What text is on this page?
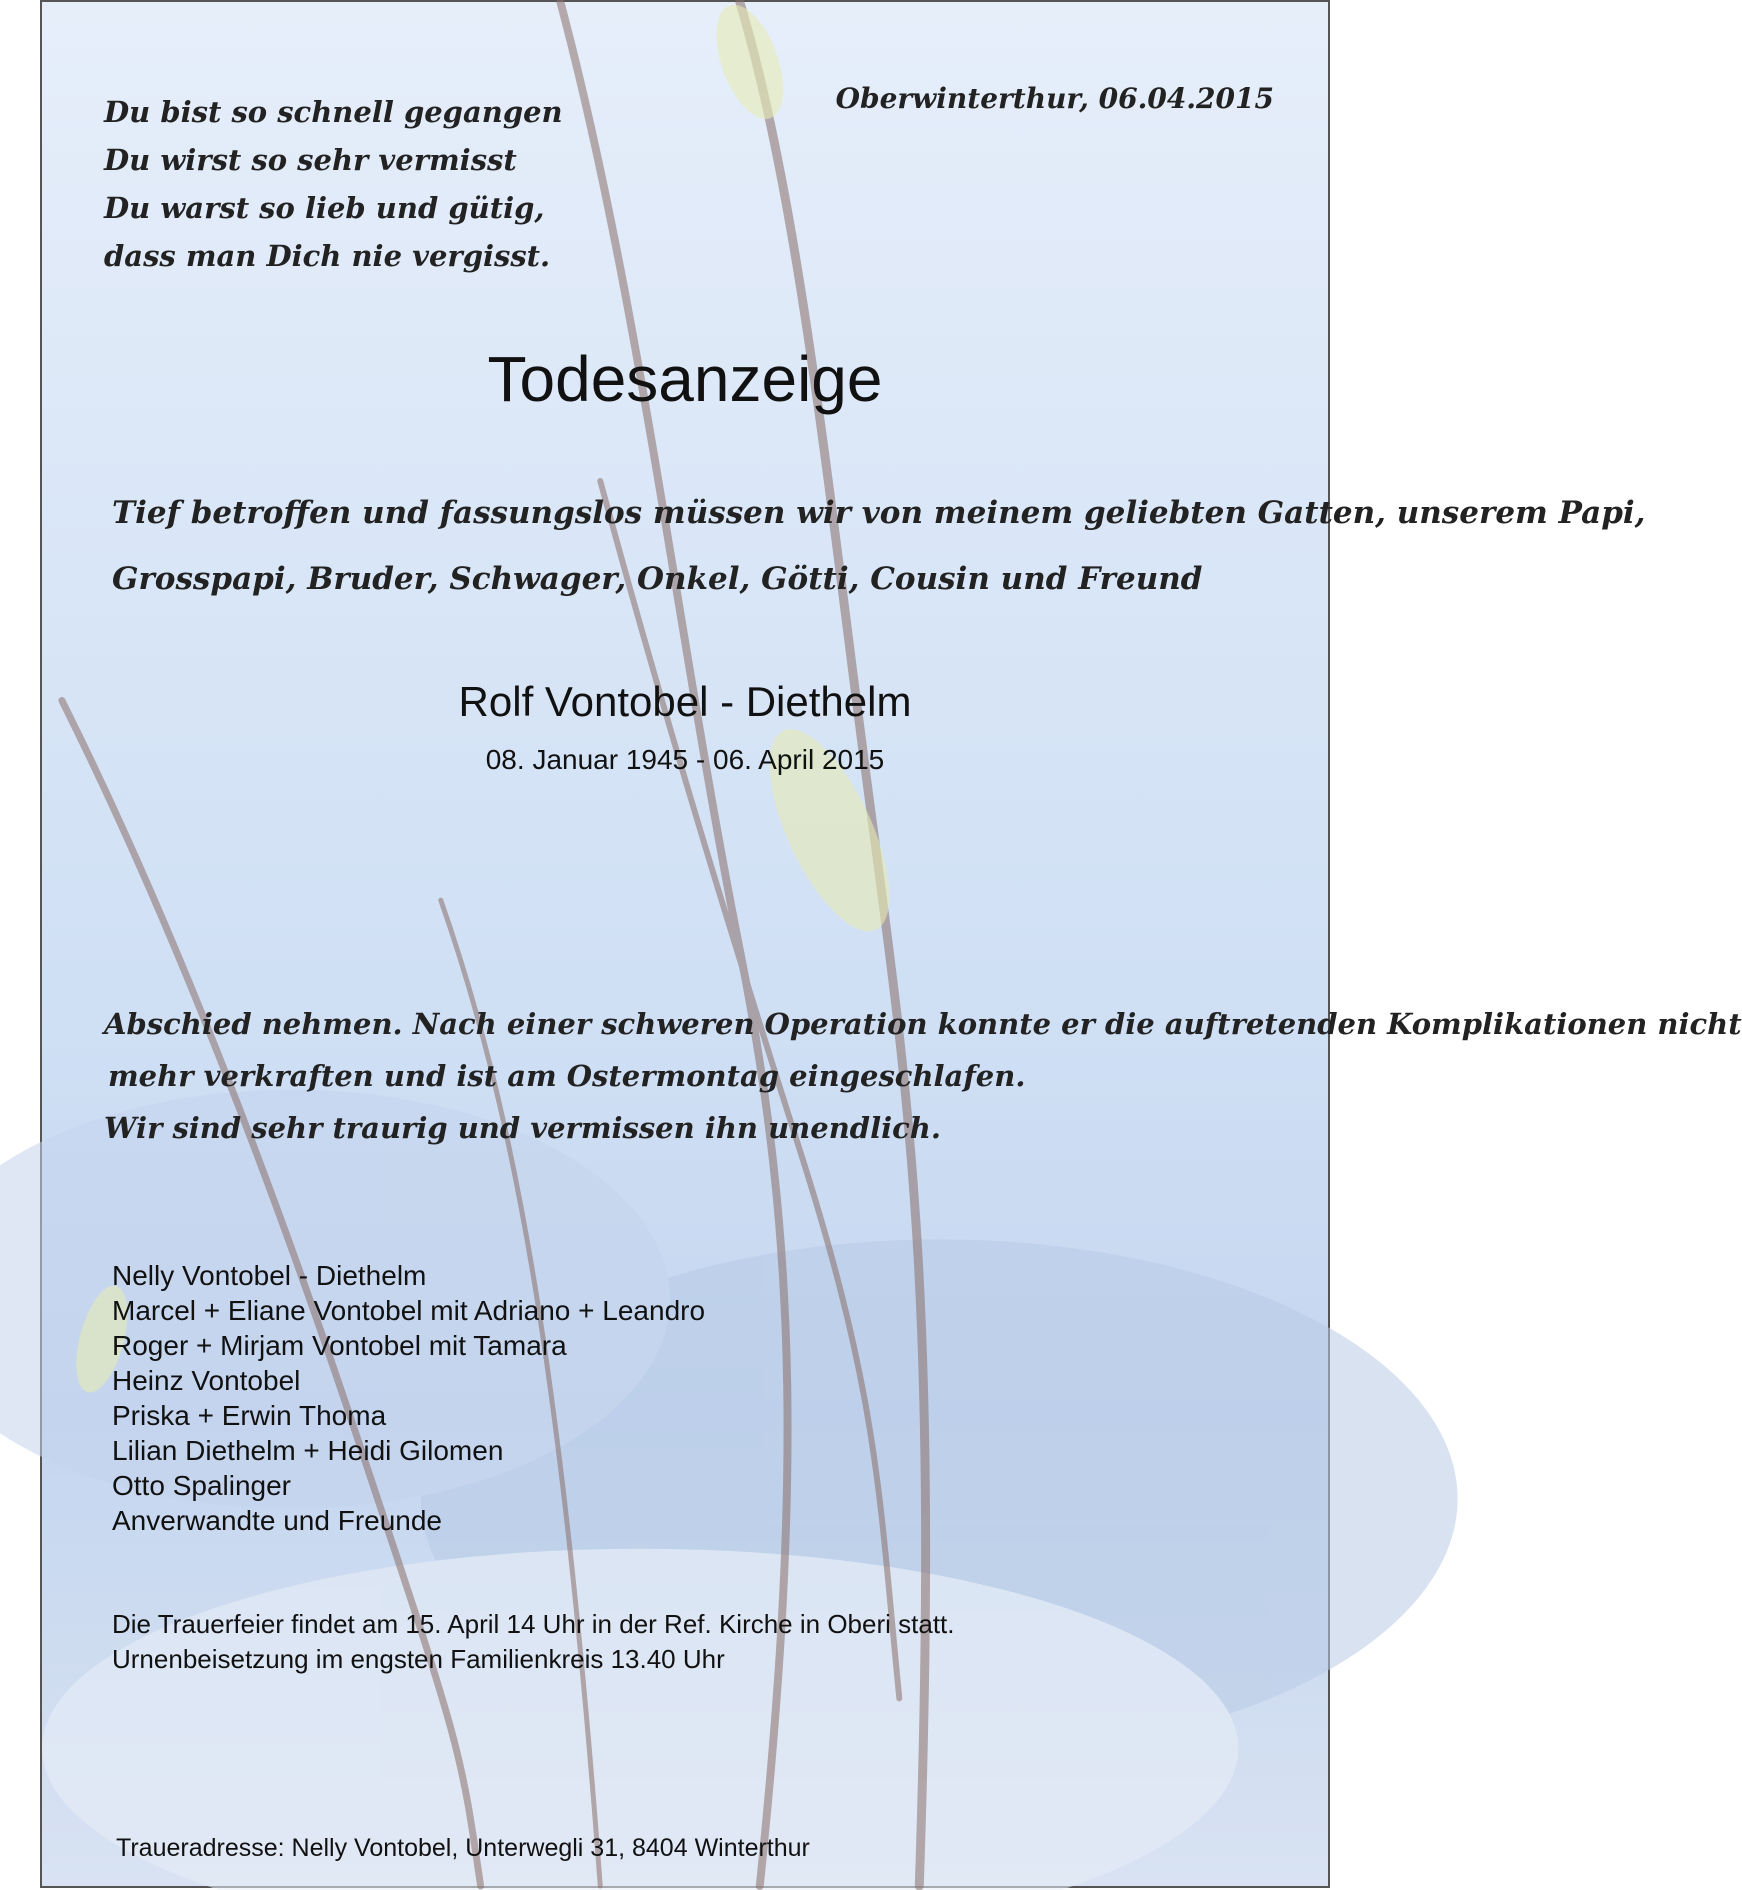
Du bist so schnell gegangen
Du wirst so sehr vermisst
Du warst so lieb und gütig,
dass man Dich nie vergisst.
Oberwinterthur, 06.04.2015
Todesanzeige
Tief betroffen und fassungslos müssen wir von meinem geliebten Gatten, unserem Papi,
Grosspapi, Bruder, Schwager, Onkel, Götti, Cousin und Freund
Rolf Vontobel - Diethelm
08. Januar 1945 - 06. April 2015
Abschied nehmen. Nach einer schweren Operation konnte er die auftretenden Komplikationen nicht
mehr verkraften und ist am Ostermontag eingeschlafen.
Wir sind sehr traurig und vermissen ihn unendlich.
Nelly Vontobel - Diethelm
Marcel + Eliane Vontobel mit Adriano + Leandro
Roger + Mirjam Vontobel mit Tamara
Heinz Vontobel
Priska + Erwin Thoma
Lilian Diethelm + Heidi Gilomen
Otto Spalinger
Anverwandte und Freunde
Die Trauerfeier findet am 15. April 14 Uhr in der Ref. Kirche in Oberi statt.
Urnenbeisetzung im engsten Familienkreis 13.40 Uhr
Traueradresse: Nelly Vontobel, Unterwegli 31, 8404 Winterthur
